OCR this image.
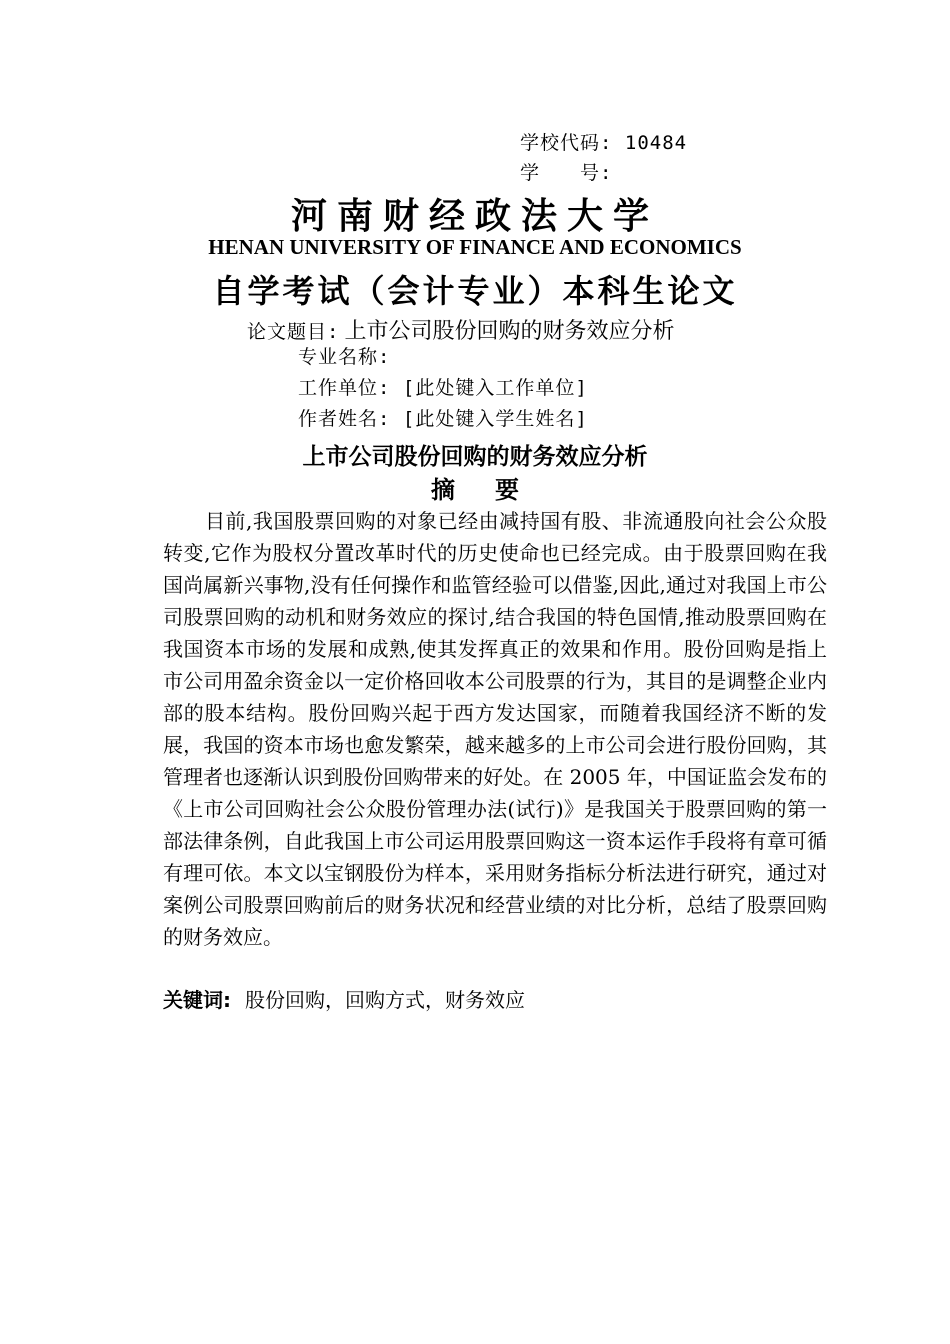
学校代码: 10484
学　　号:
河南财经政法大学
HENAN UNIVERSITY OF FINANCE AND ECONOMICS
自学考试（会计专业）本科生论文
论文题目: 上市公司股份回购的财务效应分析
专业名称:
工作单位: [此处键入工作单位]
作者姓名: [此处键入学生姓名]
上市公司股份回购的财务效应分析
摘要

目前,我国股票回购的对象已经由减持国有股、非流通股向社会公众股转变,它作为股权分置改革时代的历史使命也已经完成。由于股票回购在我国尚属新兴事物,没有任何操作和监管经验可以借鉴,因此,通过对我国上市公司股票回购的动机和财务效应的探讨,结合我国的特色国情,推动股票回购在我国资本市场的发展和成熟,使其发挥真正的效果和作用。股份回购是指上市公司用盈余资金以一定价格回收本公司股票的行为，其目的是调整企业内部的股本结构。股份回购兴起于西方发达国家，而随着我国经济不断的发展，我国的资本市场也愈发繁荣，越来越多的上市公司会进行股份回购，其管理者也逐渐认识到股份回购带来的好处。在 2005 年，中国证监会发布的《上市公司回购社会公众股份管理办法(试行)》是我国关于股票回购的第一部法律条例，自此我国上市公司运用股票回购这一资本运作手段将有章可循有理可依。本文以宝钢股份为样本，采用财务指标分析法进行研究，通过对案例公司股票回购前后的财务状况和经营业绩的对比分析，总结了股票回购的财务效应。

关键词: 股份回购，回购方式，财务效应
